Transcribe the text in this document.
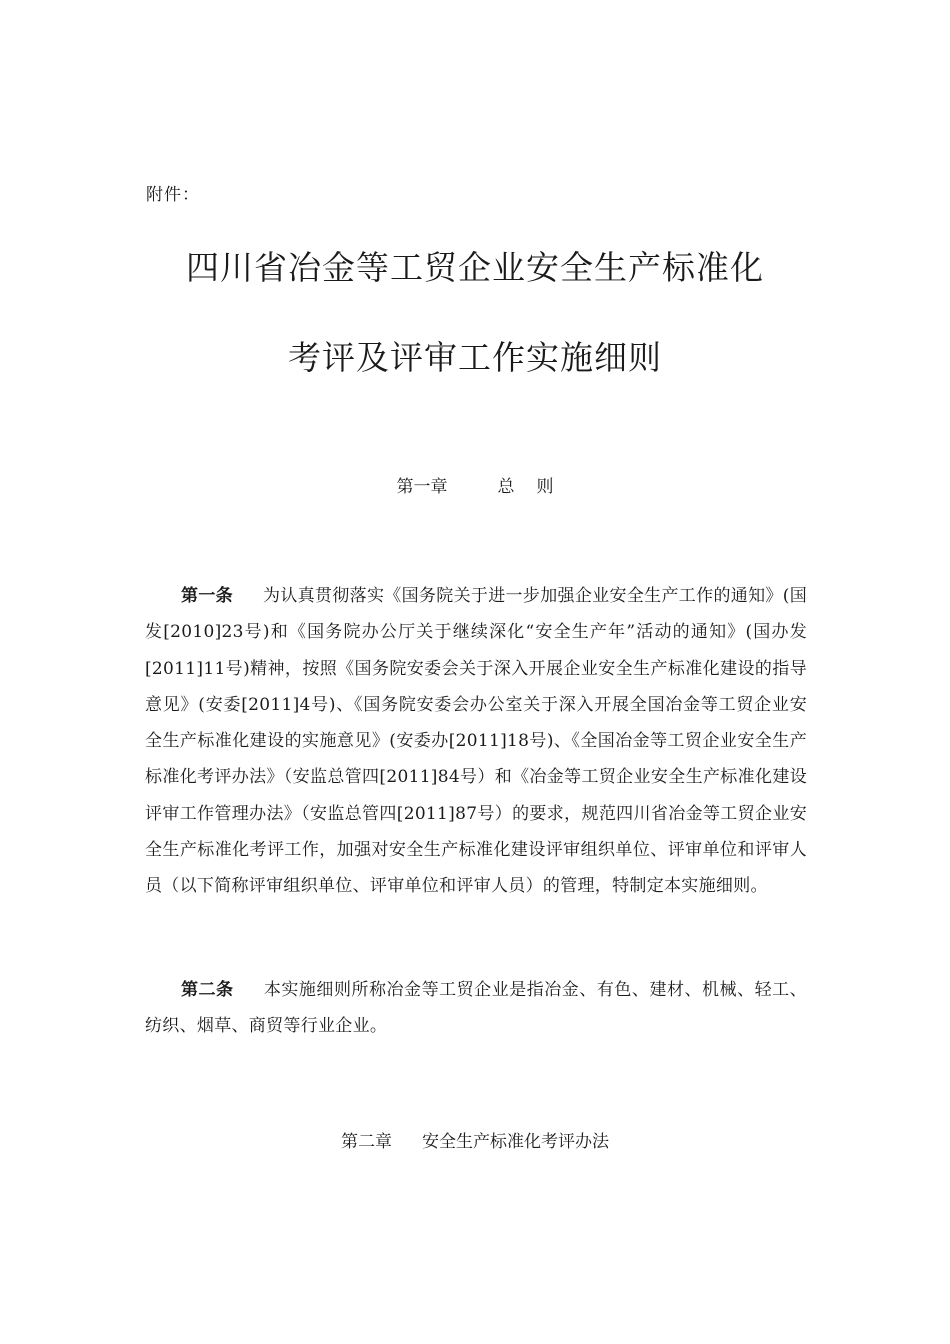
附件：
四川省冶金等工贸企业安全生产标准化
考评及评审工作实施细则
第一章	总 则
第一条 为认真贯彻落实《国务院关于进一步加强企业安全生产工作的通知》(国发[2010]23号)和《国务院办公厅关于继续深化“安全生产年”活动的通知》(国办发[2011]11号)精神，按照《国务院安委会关于深入开展企业安全生产标准化建设的指导意见》(安委[2011]4号)、《国务院安委会办公室关于深入开展全国冶金等工贸企业安全生产标准化建设的实施意见》(安委办[2011]18号)、《全国冶金等工贸企业安全生产标准化考评办法》（安监总管四[2011]84号）和《冶金等工贸企业安全生产标准化建设评审工作管理办法》（安监总管四[2011]87号）的要求，规范四川省冶金等工贸企业安全生产标准化考评工作，加强对安全生产标准化建设评审组织单位、评审单位和评审人员（以下简称评审组织单位、评审单位和评审人员）的管理，特制定本实施细则。
第二条 本实施细则所称冶金等工贸企业是指冶金、有色、建材、机械、轻工、纺织、烟草、商贸等行业企业。
第二章 安全生产标准化考评办法
